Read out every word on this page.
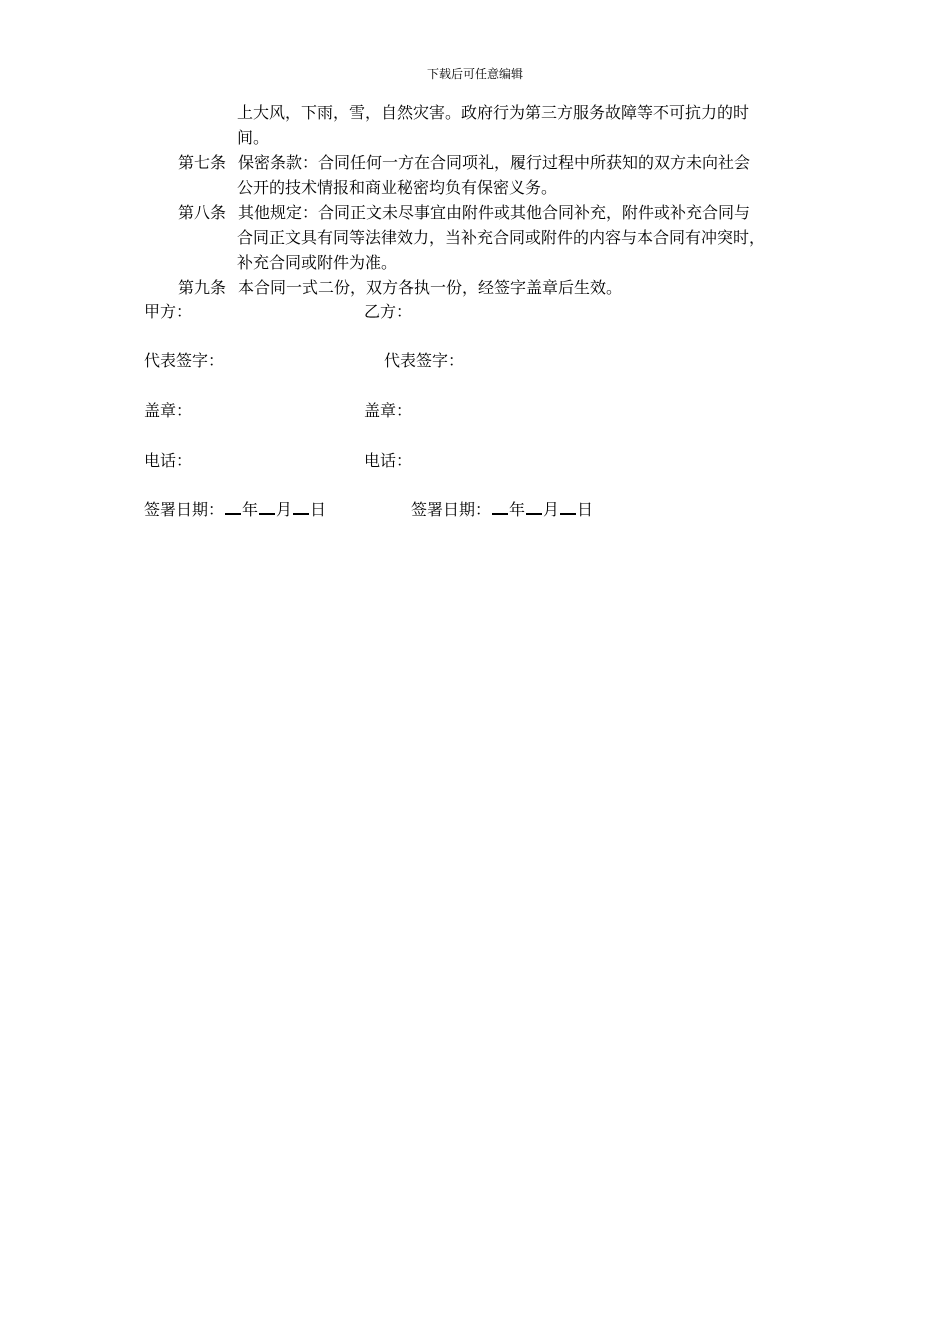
下载后可任意编辑
上大风，下雨，雪，自然灾害。政府行为第三方服务故障等不可抗力的时
间。
第七条 保密条款：合同任何一方在合同项礼，履行过程中所获知的双方未向社会
公开的技术情报和商业秘密均负有保密义务。
第八条 其他规定：合同正文未尽事宜由附件或其他合同补充，附件或补充合同与
合同正文具有同等法律效力，当补充合同或附件的内容与本合同有冲突时，
补充合同或附件为准。
第九条 本合同一式二份，双方各执一份，经签字盖章后生效。
甲方：	乙方：
代表签字：	代表签字：
盖章：	盖章：
电话：	电话：
签署日期： 年 月 日	签署日期： 年 月 日
